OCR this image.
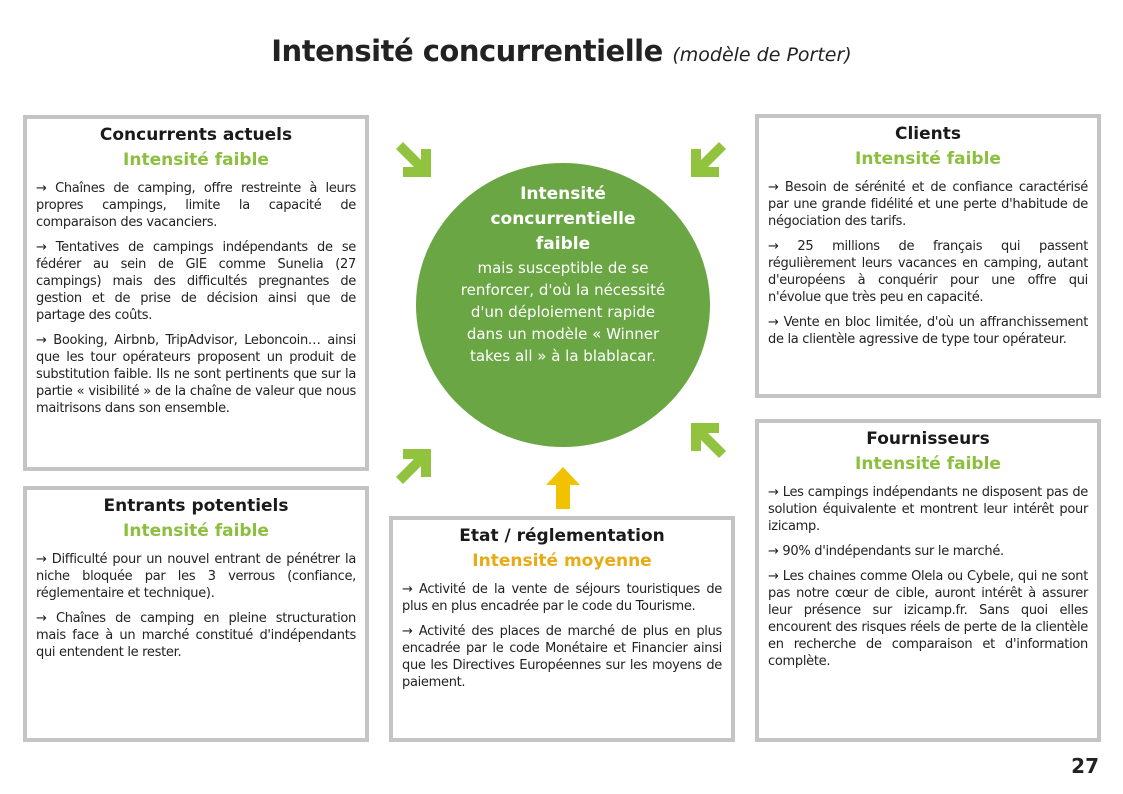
Intensité concurrentielle (modèle de Porter)
Concurrents actuels
Intensité faible

→ Chaînes de camping, offre restreinte à leurs propres campings, limite la capacité de comparaison des vacanciers.

→ Tentatives de campings indépendants de se fédérer au sein de GIE comme Sunelia (27 campings) mais des difficultés pregnantes de gestion et de prise de décision ainsi que de partage des coûts.

→ Booking, Airbnb, TripAdvisor, Leboncoin… ainsi que les tour opérateurs proposent un produit de substitution faible. Ils ne sont pertinents que sur la partie « visibilité » de la chaîne de valeur que nous maitrisons dans son ensemble.

Entrants potentiels
Intensité faible

→ Difficulté pour un nouvel entrant de pénétrer la niche bloquée par les 3 verrous (confiance, réglementaire et technique).

→ Chaînes de camping en pleine structuration mais face à un marché constitué d'indépendants qui entendent le rester.

Etat / réglementation
Intensité moyenne

→ Activité de la vente de séjours touristiques de plus en plus encadrée par le code du Tourisme.

→ Activité des places de marché de plus en plus encadrée par le code Monétaire et Financier ainsi que les Directives Européennes sur les moyens de paiement.

Clients
Intensité faible

→ Besoin de sérénité et de confiance caractérisé par une grande fidélité et une perte d'habitude de négociation des tarifs.

→ 25 millions de français qui passent régulièrement leurs vacances en camping, autant d'européens à conquérir pour une offre qui n'évolue que très peu en capacité.

→ Vente en bloc limitée, d'où un affranchissement de la clientèle agressive de type tour opérateur.

Fournisseurs
Intensité faible

→ Les campings indépendants ne disposent pas de solution équivalente et montrent leur intérêt pour izicamp.

→ 90% d'indépendants sur le marché.

→ Les chaines comme Olela ou Cybele, qui ne sont pas notre cœur de cible, auront intérêt à assurer leur présence sur izicamp.fr. Sans quoi elles encourent des risques réels de perte de la clientèle en recherche de comparaison et d'information complète.

Intensité concurrentielle faible
mais susceptible de se renforcer, d'où la nécessité d'un déploiement rapide dans un modèle « Winner takes all » à la blablacar.
27
